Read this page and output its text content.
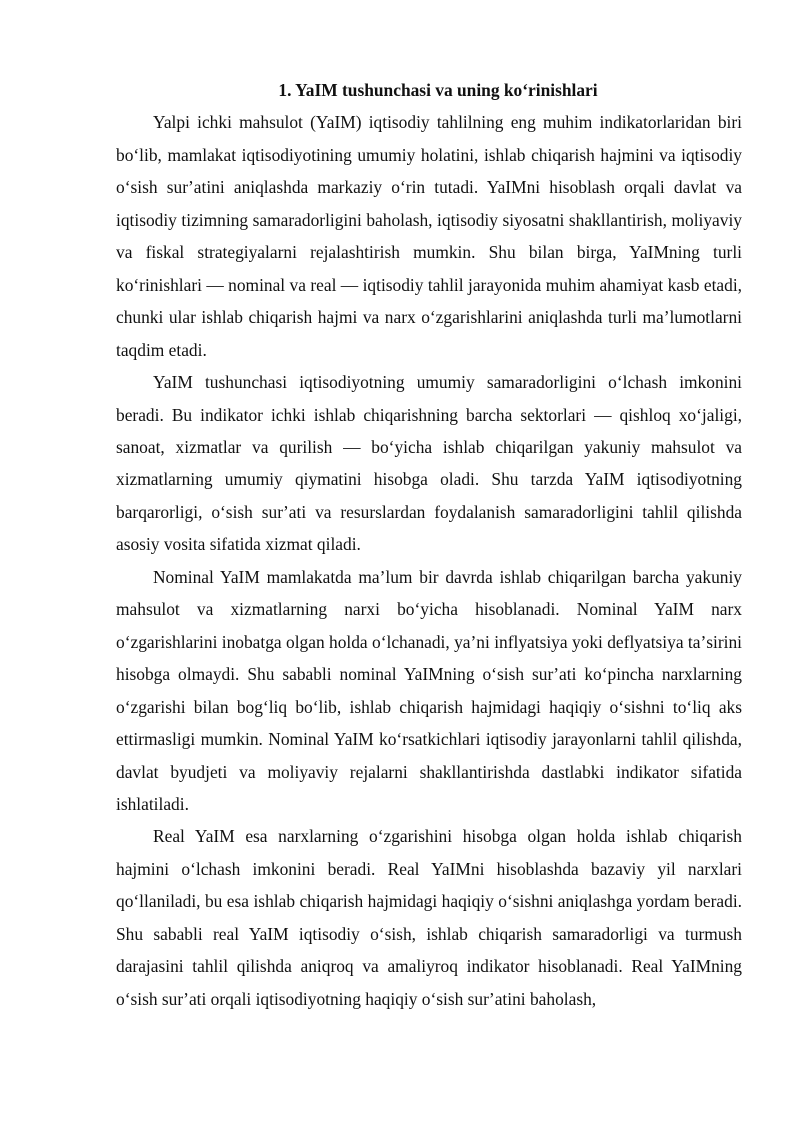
1. YaIM tushunchasi va uning koʻrinishlari

Yalpi ichki mahsulot (YaIM) iqtisodiy tahlilning eng muhim indikatorlaridan biri boʻlib, mamlakat iqtisodiyotining umumiy holatini, ishlab chiqarish hajmini va iqtisodiy oʻsish surʼatini aniqlashda markaziy oʻrin tutadi. YaIMni hisoblash orqali davlat va iqtisodiy tizimning samaradorligini baholash, iqtisodiy siyosatni shakllantirish, moliyaviy va fiskal strategiyalarni rejalashtirish mumkin. Shu bilan birga, YaIMning turli koʻrinishlari — nominal va real — iqtisodiy tahlil jarayonida muhim ahamiyat kasb etadi, chunki ular ishlab chiqarish hajmi va narx oʻzgarishlarini aniqlashda turli maʼlumotlarni taqdim etadi.

YaIM tushunchasi iqtisodiyotning umumiy samaradorligini oʻlchash imkonini beradi. Bu indikator ichki ishlab chiqarishning barcha sektorlari — qishloq xoʻjaligi, sanoat, xizmatlar va qurilish — boʻyicha ishlab chiqarilgan yakuniy mahsulot va xizmatlarning umumiy qiymatini hisobga oladi. Shu tarzda YaIM iqtisodiyotning barqarorligi, oʻsish surʼati va resurslardan foydalanish samaradorligini tahlil qilishda asosiy vosita sifatida xizmat qiladi.

Nominal YaIM mamlakatda maʼlum bir davrda ishlab chiqarilgan barcha yakuniy mahsulot va xizmatlarning narxi boʻyicha hisoblanadi. Nominal YaIM narx oʻzgarishlarini inobatga olgan holda oʻlchanadi, yaʼni inflyatsiya yoki deflyatsiya taʼsirini hisobga olmaydi. Shu sababli nominal YaIMning oʻsish surʼati koʻpincha narxlarning oʻzgarishi bilan bogʻliq boʻlib, ishlab chiqarish hajmidagi haqiqiy oʻsishni toʻliq aks ettirmasligi mumkin. Nominal YaIM koʻrsatkichlari iqtisodiy jarayonlarni tahlil qilishda, davlat byudjeti va moliyaviy rejalarni shakllantirishda dastlabki indikator sifatida ishlatiladi.

Real YaIM esa narxlarning oʻzgarishini hisobga olgan holda ishlab chiqarish hajmini oʻlchash imkonini beradi. Real YaIMni hisoblashda bazaviy yil narxlari qoʻllaniladi, bu esa ishlab chiqarish hajmidagi haqiqiy oʻsishni aniqlashga yordam beradi. Shu sababli real YaIM iqtisodiy oʻsish, ishlab chiqarish samaradorligi va turmush darajasini tahlil qilishda aniqroq va amaliyroq indikator hisoblanadi. Real YaIMning oʻsish surʼati orqali iqtisodiyotning haqiqiy oʻsish surʼatini baholash,
